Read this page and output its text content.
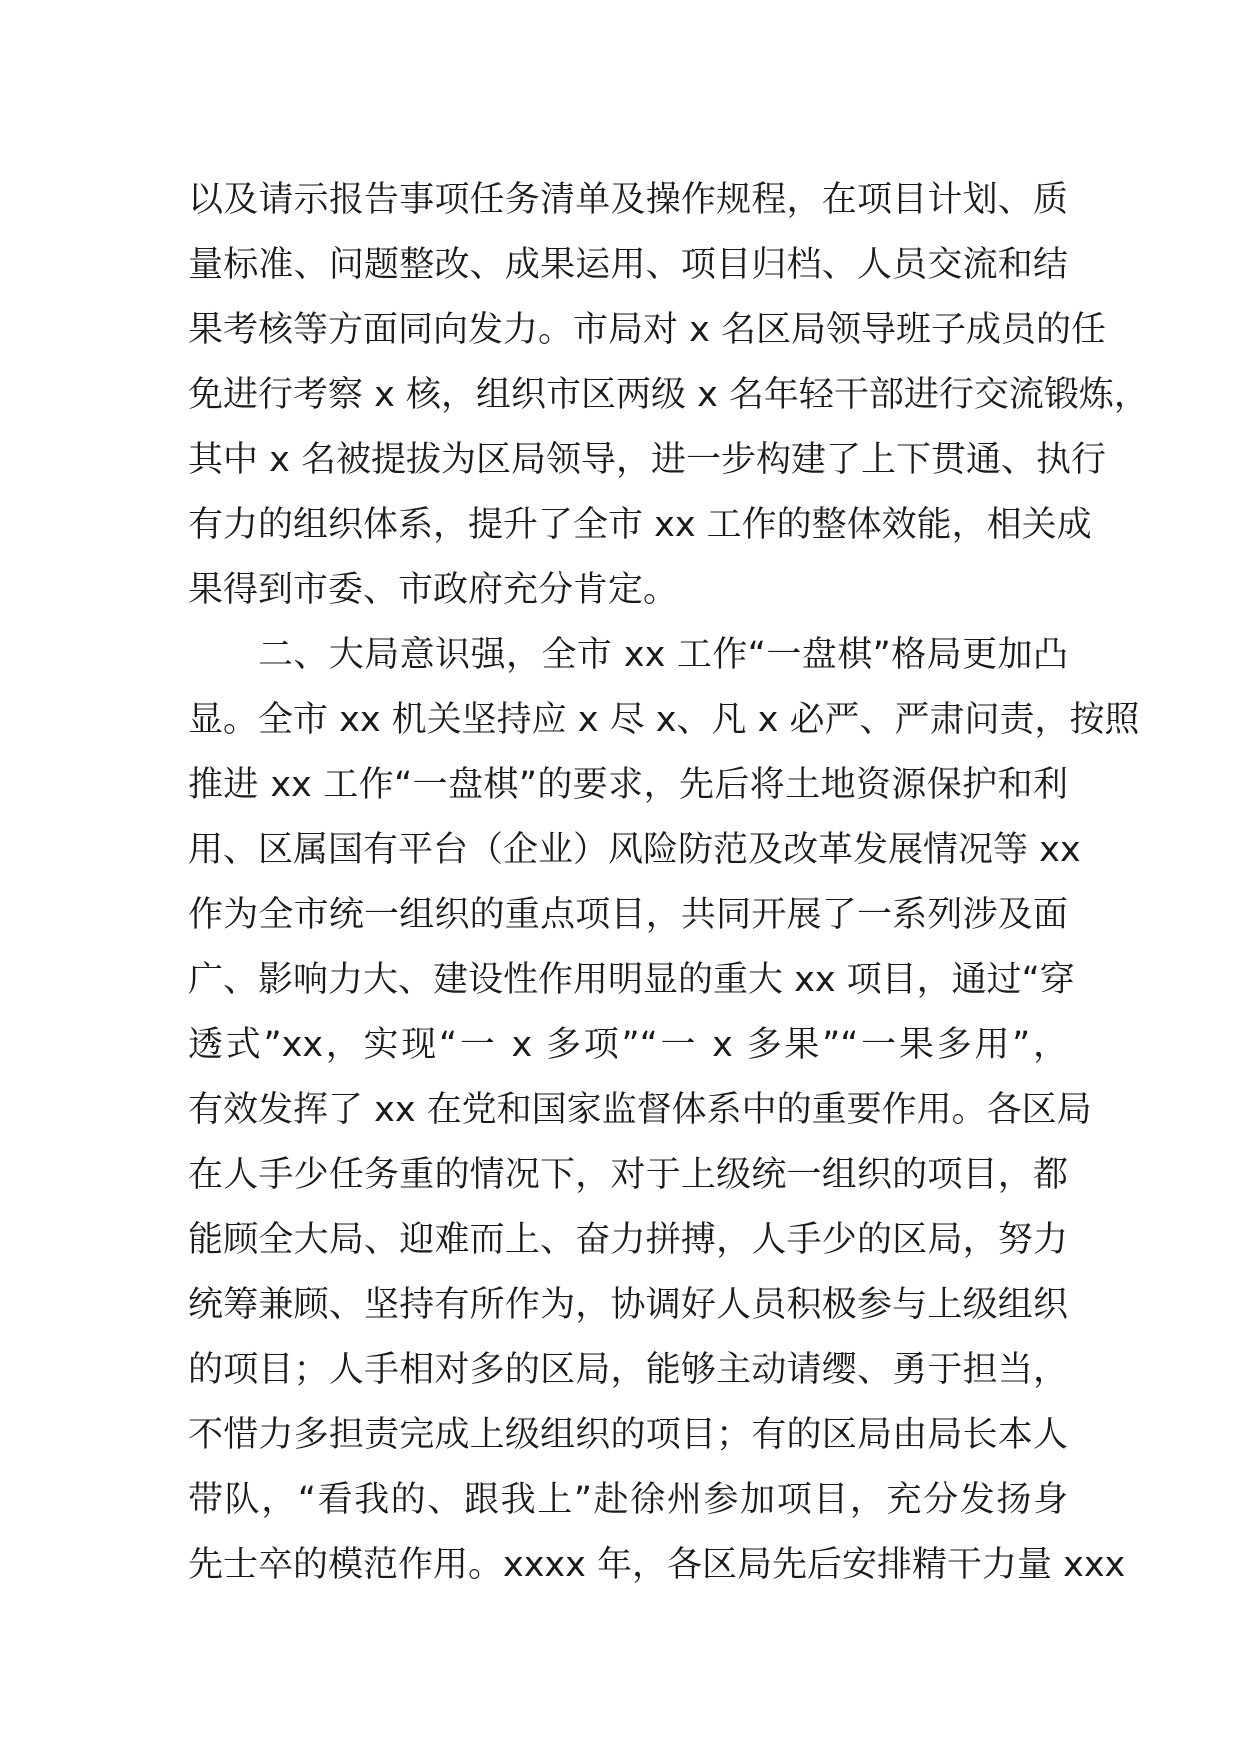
以及请示报告事项任务清单及操作规程，在项目计划、质
量标准、问题整改、成果运用、项目归档、人员交流和结
果考核等方面同向发力。市局对 x 名区局领导班子成员的任
免进行考察 x 核，组织市区两级 x 名年轻干部进行交流锻炼，
其中 x 名被提拔为区局领导，进一步构建了上下贯通、执行
有力的组织体系，提升了全市 xx 工作的整体效能，相关成
果得到市委、市政府充分肯定。
二、大局意识强，全市 xx 工作“一盘棋”格局更加凸
显。全市 xx 机关坚持应 x 尽 x、凡 x 必严、严肃问责，按照
推进 xx 工作“一盘棋”的要求，先后将土地资源保护和利
用、区属国有平台（企业）风险防范及改革发展情况等 xx
作为全市统一组织的重点项目，共同开展了一系列涉及面
广、影响力大、建设性作用明显的重大 xx 项目，通过“穿
透式”xx，实现“一 x 多项”“一 x 多果”“一果多用”，
有效发挥了 xx 在党和国家监督体系中的重要作用。各区局
在人手少任务重的情况下，对于上级统一组织的项目，都
能顾全大局、迎难而上、奋力拼搏，人手少的区局，努力
统筹兼顾、坚持有所作为，协调好人员积极参与上级组织
的项目；人手相对多的区局，能够主动请缨、勇于担当，
不惜力多担责完成上级组织的项目；有的区局由局长本人
带队，“看我的、跟我上”赴徐州参加项目，充分发扬身
先士卒的模范作用。xxxx 年，各区局先后安排精干力量 xxx
